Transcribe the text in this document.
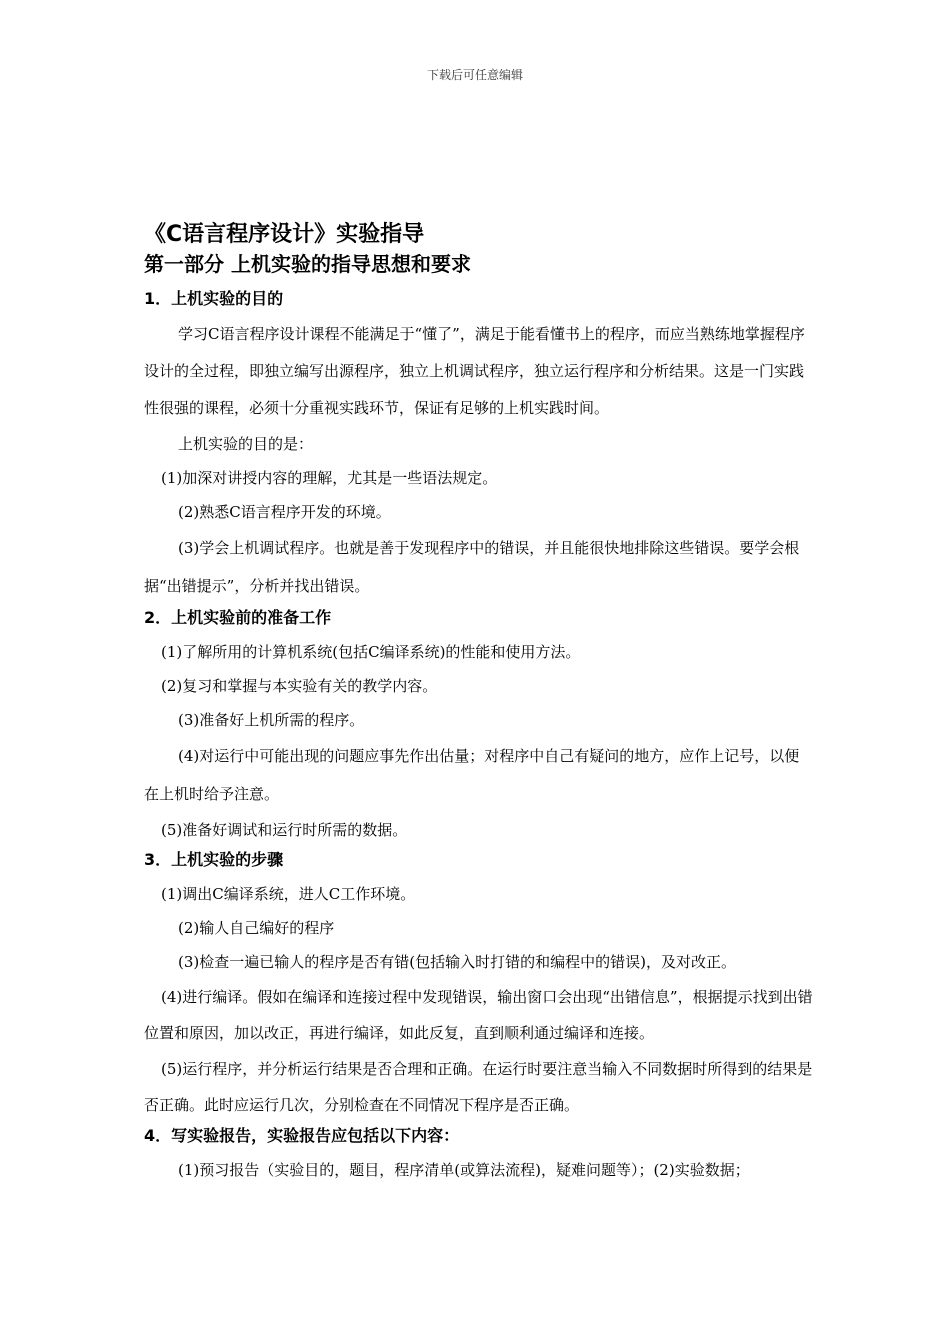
下载后可任意编辑
《C语言程序设计》实验指导
第一部分 上机实验的指导思想和要求
1．上机实验的目的

学习C语言程序设计课程不能满足于“懂了”，满足于能看懂书上的程序，而应当熟练地掌握程序设计的全过程，即独立编写出源程序，独立上机调试程序，独立运行程序和分析结果。这是一门实践性很强的课程，必须十分重视实践环节，保证有足够的上机实践时间。

上机实验的目的是：

(1)加深对讲授内容的理解，尤其是一些语法规定。

(2)熟悉C语言程序开发的环境。

(3)学会上机调试程序。也就是善于发现程序中的错误，并且能很快地排除这些错误。要学会根据“出错提示”，分析并找出错误。

2．上机实验前的准备工作

(1)了解所用的计算机系统(包括C编译系统)的性能和使用方法。

(2)复习和掌握与本实验有关的教学内容。

(3)准备好上机所需的程序。

(4)对运行中可能出现的问题应事先作出估量；对程序中自己有疑问的地方，应作上记号，以便在上机时给予注意。

(5)准备好调试和运行时所需的数据。

3．上机实验的步骤

(1)调出C编译系统，进人C工作环境。

(2)输人自己编好的程序

(3)检查一遍已输人的程序是否有错(包括输入时打错的和编程中的错误)，及对改正。

(4)进行编译。假如在编译和连接过程中发现错误，输出窗口会出现“出错信息”，根据提示找到出错位置和原因，加以改正，再进行编译，如此反复，直到顺利通过编译和连接。

(5)运行程序，并分析运行结果是否合理和正确。在运行时要注意当输入不同数据时所得到的结果是否正确。此时应运行几次，分别检查在不同情况下程序是否正确。

4．写实验报告，实验报告应包括以下内容：

(1)预习报告（实验目的，题目，程序清单(或算法流程)，疑难问题等）；(2)实验数据；
